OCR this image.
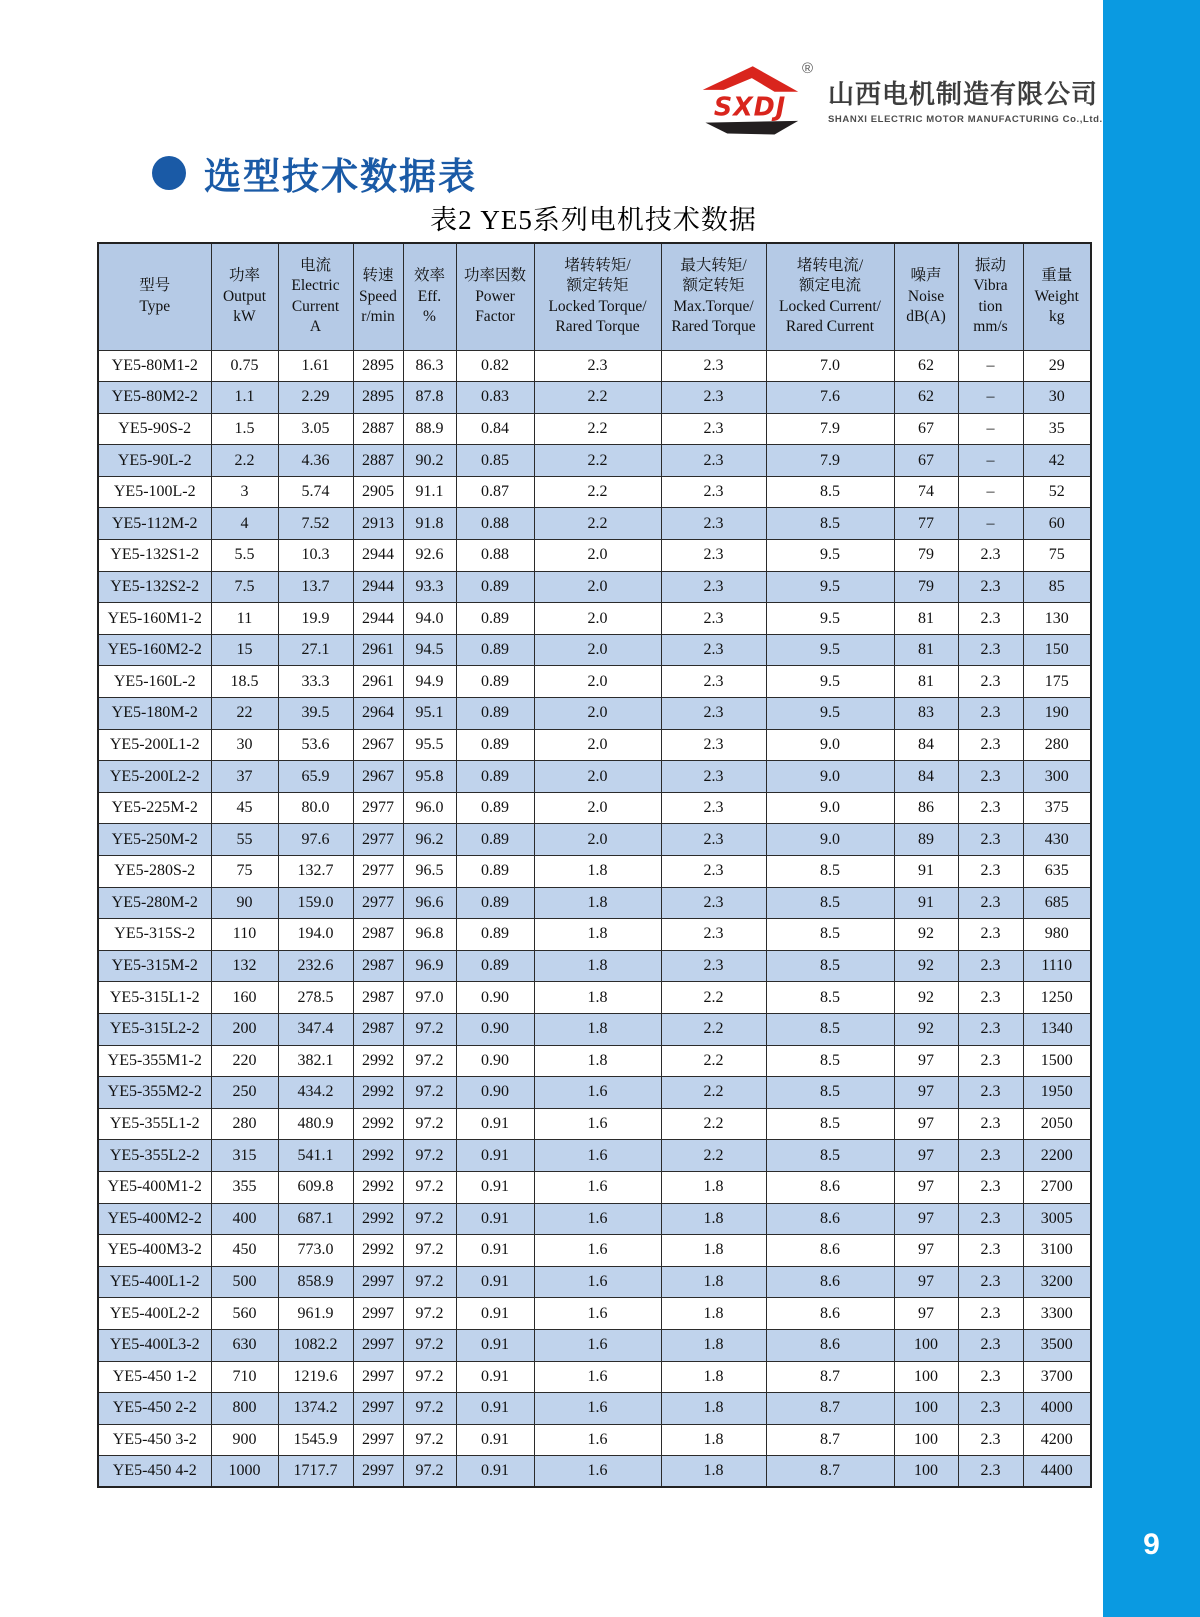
9
SXDJ
®
山西电机制造有限公司
SHANXI ELECTRIC MOTOR MANUFACTURING Co.,Ltd.
选型技术数据表
表2 YE5系列电机技术数据
型号
Type

功率
Output
kW

电流
Electric
Current
A

转速
Speed
r/min

效率
Eff.
%

功率因数
Power
Factor

堵转转矩/
额定转矩
Locked Torque/
Rared Torque

最大转矩/
额定转矩
Max.Torque/
Rared Torque

堵转电流/
额定电流
Locked Current/
Rared Current

噪声
Noise
dB(A)

振动
Vibra
tion
mm/s

重量
Weight
kg

YE5-80M1-2	0.75	1.61	2895	86.3	0.82	2.3	2.3	7.0	62	–	29
YE5-80M2-2	1.1	2.29	2895	87.8	0.83	2.2	2.3	7.6	62	–	30
YE5-90S-2	1.5	3.05	2887	88.9	0.84	2.2	2.3	7.9	67	–	35
YE5-90L-2	2.2	4.36	2887	90.2	0.85	2.2	2.3	7.9	67	–	42
YE5-100L-2	3	5.74	2905	91.1	0.87	2.2	2.3	8.5	74	–	52
YE5-112M-2	4	7.52	2913	91.8	0.88	2.2	2.3	8.5	77	–	60
YE5-132S1-2	5.5	10.3	2944	92.6	0.88	2.0	2.3	9.5	79	2.3	75
YE5-132S2-2	7.5	13.7	2944	93.3	0.89	2.0	2.3	9.5	79	2.3	85
YE5-160M1-2	11	19.9	2944	94.0	0.89	2.0	2.3	9.5	81	2.3	130
YE5-160M2-2	15	27.1	2961	94.5	0.89	2.0	2.3	9.5	81	2.3	150
YE5-160L-2	18.5	33.3	2961	94.9	0.89	2.0	2.3	9.5	81	2.3	175
YE5-180M-2	22	39.5	2964	95.1	0.89	2.0	2.3	9.5	83	2.3	190
YE5-200L1-2	30	53.6	2967	95.5	0.89	2.0	2.3	9.0	84	2.3	280
YE5-200L2-2	37	65.9	2967	95.8	0.89	2.0	2.3	9.0	84	2.3	300
YE5-225M-2	45	80.0	2977	96.0	0.89	2.0	2.3	9.0	86	2.3	375
YE5-250M-2	55	97.6	2977	96.2	0.89	2.0	2.3	9.0	89	2.3	430
YE5-280S-2	75	132.7	2977	96.5	0.89	1.8	2.3	8.5	91	2.3	635
YE5-280M-2	90	159.0	2977	96.6	0.89	1.8	2.3	8.5	91	2.3	685
YE5-315S-2	110	194.0	2987	96.8	0.89	1.8	2.3	8.5	92	2.3	980
YE5-315M-2	132	232.6	2987	96.9	0.89	1.8	2.3	8.5	92	2.3	1110
YE5-315L1-2	160	278.5	2987	97.0	0.90	1.8	2.2	8.5	92	2.3	1250
YE5-315L2-2	200	347.4	2987	97.2	0.90	1.8	2.2	8.5	92	2.3	1340
YE5-355M1-2	220	382.1	2992	97.2	0.90	1.8	2.2	8.5	97	2.3	1500
YE5-355M2-2	250	434.2	2992	97.2	0.90	1.6	2.2	8.5	97	2.3	1950
YE5-355L1-2	280	480.9	2992	97.2	0.91	1.6	2.2	8.5	97	2.3	2050
YE5-355L2-2	315	541.1	2992	97.2	0.91	1.6	2.2	8.5	97	2.3	2200
YE5-400M1-2	355	609.8	2992	97.2	0.91	1.6	1.8	8.6	97	2.3	2700
YE5-400M2-2	400	687.1	2992	97.2	0.91	1.6	1.8	8.6	97	2.3	3005
YE5-400M3-2	450	773.0	2992	97.2	0.91	1.6	1.8	8.6	97	2.3	3100
YE5-400L1-2	500	858.9	2997	97.2	0.91	1.6	1.8	8.6	97	2.3	3200
YE5-400L2-2	560	961.9	2997	97.2	0.91	1.6	1.8	8.6	97	2.3	3300
YE5-400L3-2	630	1082.2	2997	97.2	0.91	1.6	1.8	8.6	100	2.3	3500
YE5-450 1-2	710	1219.6	2997	97.2	0.91	1.6	1.8	8.7	100	2.3	3700
YE5-450 2-2	800	1374.2	2997	97.2	0.91	1.6	1.8	8.7	100	2.3	4000
YE5-450 3-2	900	1545.9	2997	97.2	0.91	1.6	1.8	8.7	100	2.3	4200
YE5-450 4-2	1000	1717.7	2997	97.2	0.91	1.6	1.8	8.7	100	2.3	4400
